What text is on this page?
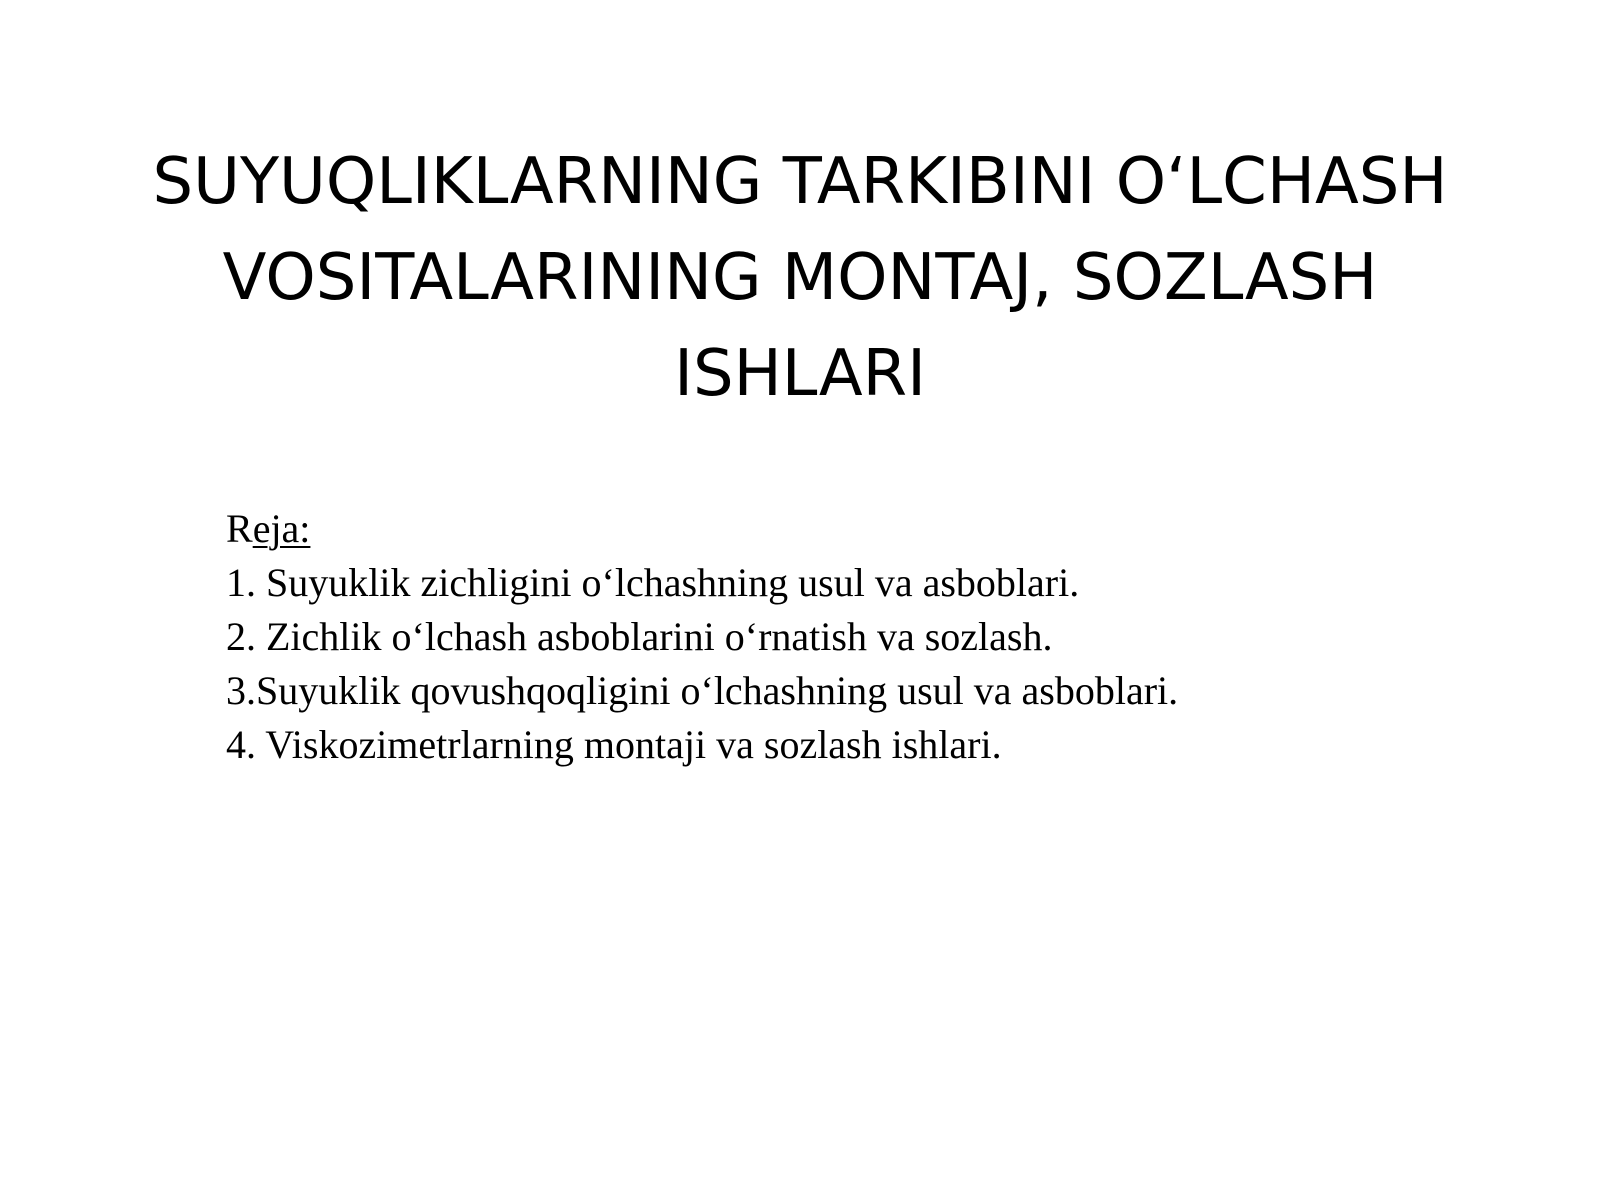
SUYUQLIKLARNING TARKIBINI O‘LCHASH
VOSITALARINING MONTAJ, SOZLASH
ISHLARI
Reja:
1. Suyuklik zichligini o‘lchashning usul va asboblari.
2. Zichlik o‘lchash asboblarini o‘rnatish va sozlash.
3.Suyuklik qovushqoqligini o‘lchashning usul va asboblari.
4. Viskozimetrlarning montaji va sozlash ishlari.
